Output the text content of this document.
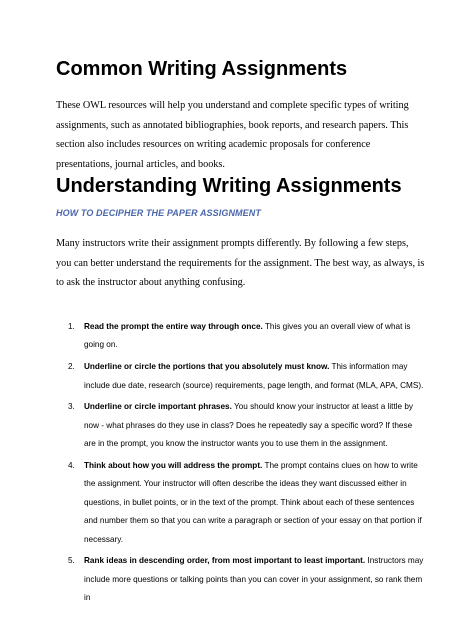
Common Writing Assignments

These OWL resources will help you understand and complete specific types of writing assignments, such as annotated bibliographies, book reports, and research papers. This section also includes resources on writing academic proposals for conference presentations, journal articles, and books.

Understanding Writing Assignments

HOW TO DECIPHER THE PAPER ASSIGNMENT

Many instructors write their assignment prompts differently. By following a few steps, you can better understand the requirements for the assignment. The best way, as always, is to ask the instructor about anything confusing.

1. Read the prompt the entire way through once. This gives you an overall view of what is going on.
2. Underline or circle the portions that you absolutely must know. This information may include due date, research (source) requirements, page length, and format (MLA, APA, CMS).
3. Underline or circle important phrases. You should know your instructor at least a little by now - what phrases do they use in class? Does he repeatedly say a specific word? If these are in the prompt, you know the instructor wants you to use them in the assignment.
4. Think about how you will address the prompt. The prompt contains clues on how to write the assignment. Your instructor will often describe the ideas they want discussed either in questions, in bullet points, or in the text of the prompt. Think about each of these sentences and number them so that you can write a paragraph or section of your essay on that portion if necessary.
5. Rank ideas in descending order, from most important to least important. Instructors may include more questions or talking points than you can cover in your assignment, so rank them in
